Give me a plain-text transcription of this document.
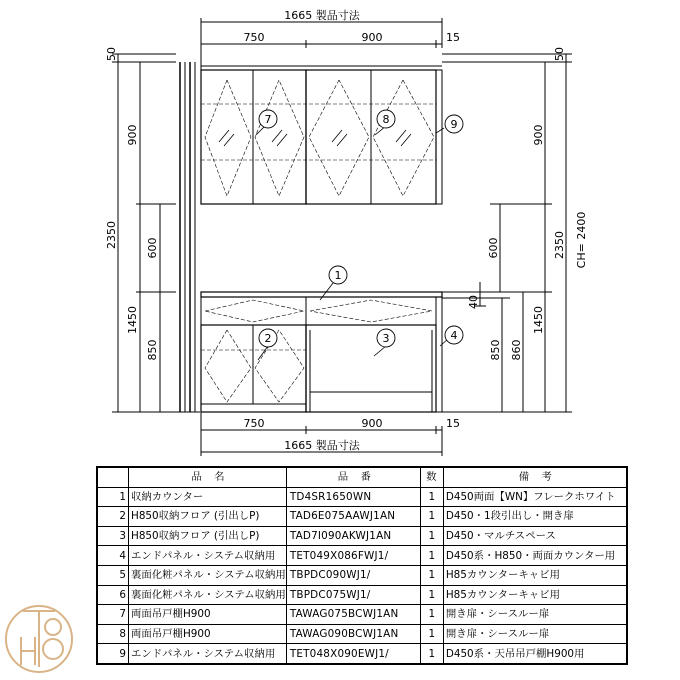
1
2	3	4
7	8	9
1665 製品寸法
750	900	15
750	900	15
1665 製品寸法
50
900
2350	600
1450
850
50
900
2350 CH= 2400
600
1450
40
850 860
	品　名	品　番	数	備　考
1	収納カウンター	TD4SR1650WN	1	D450両面【WN】フレークホワイト
2	H850収納フロア (引出しP)	TAD6E075AAWJ1AN	1	D450・1段引出し・開き扉
3	H850収納フロア (引出しP)	TAD7I090AKWJ1AN	1	D450・マルチスペース
4	エンドパネル・システム収納用	TET049X086FWJ1/	1	D450系・H850・両面カウンター用
5	裏面化粧パネル・システム収納用	TBPDC090WJ1/	1	H85カウンターキャビ用
6	裏面化粧パネル・システム収納用	TBPDC075WJ1/	1	H85カウンターキャビ用
7	両面吊戸棚H900	TAWAG075BCWJ1AN	1	開き扉・シースルー扉
8	両面吊戸棚H900	TAWAG090BCWJ1AN	1	開き扉・シースルー扉
9	エンドパネル・システム収納用	TET048X090EWJ1/	1	D450系・天吊吊戸棚H900用
